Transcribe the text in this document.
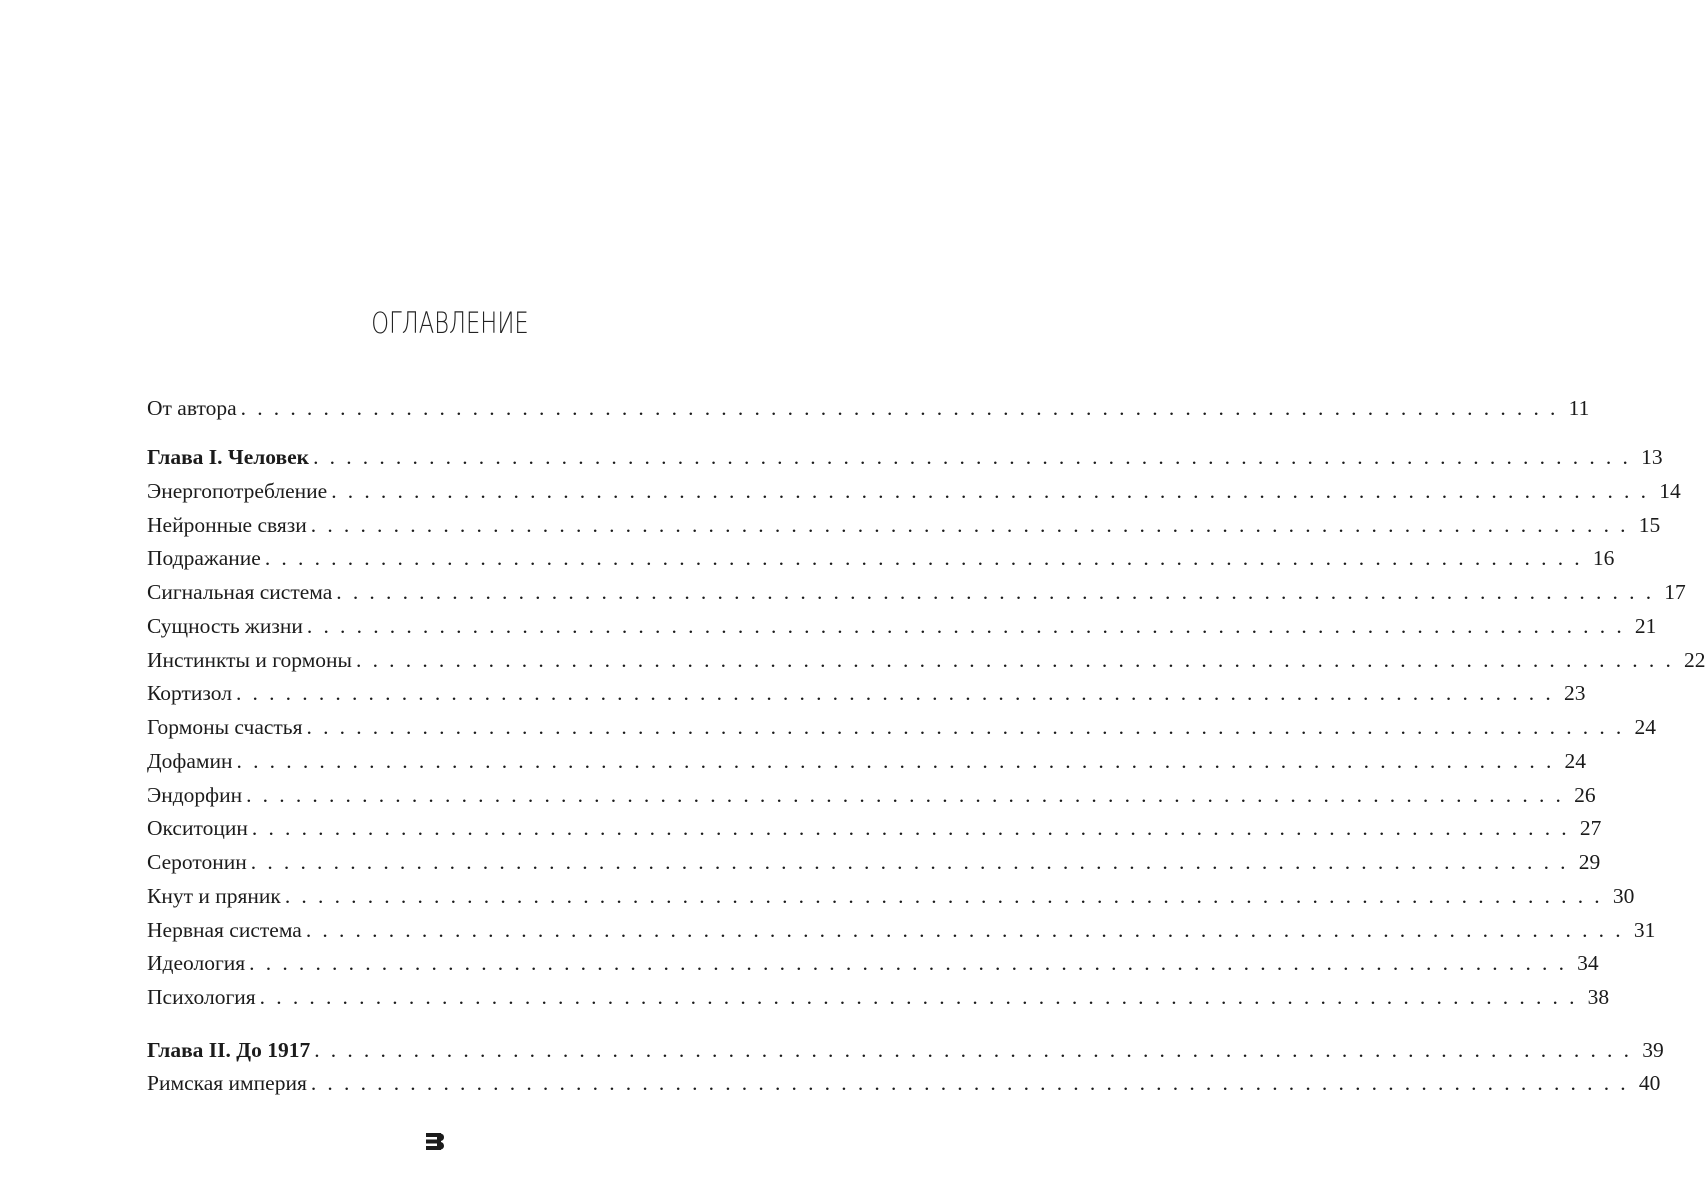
ОГЛАВЛЕНИЕ
От автора ................................................................................ 11
Глава I. Человек ................................................................................ 13
Энергопотребление ................................................................................ 14
Нейронные связи ................................................................................ 15
Подражание ................................................................................ 16
Сигнальная система ................................................................................ 17
Сущность жизни ................................................................................ 21
Инстинкты и гормоны ................................................................................ 22
Кортизол ................................................................................ 23
Гормоны счастья ................................................................................ 24
Дофамин ................................................................................ 24
Эндорфин ................................................................................ 26
Окситоцин ................................................................................ 27
Серотонин ................................................................................ 29
Кнут и пряник ................................................................................ 30
Нервная система ................................................................................ 31
Идеология ................................................................................ 34
Психология ................................................................................ 38
Глава II. До 1917 ................................................................................ 39
Римская империя ................................................................................ 40
